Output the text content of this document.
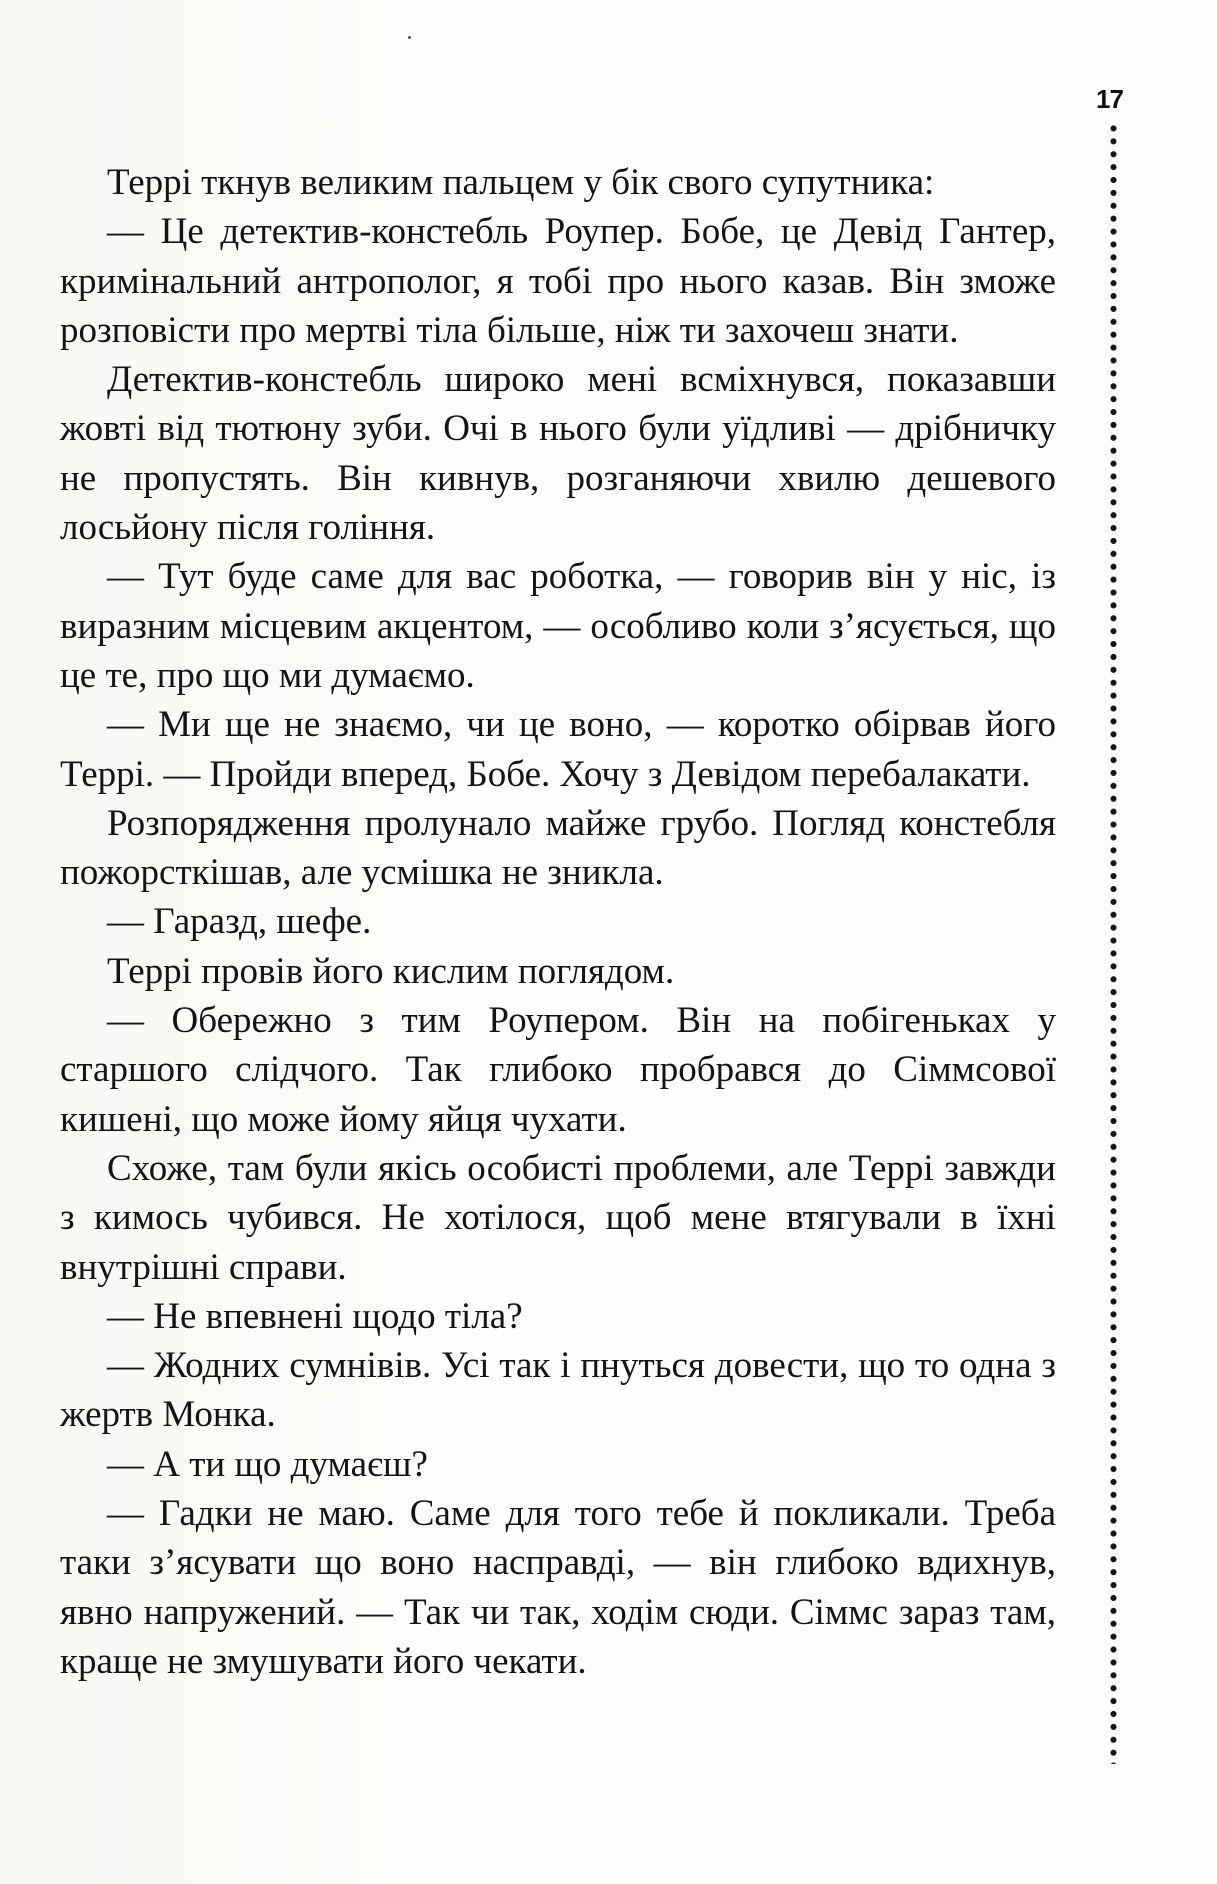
17

Террі ткнув великим пальцем у бік свого супутника:

— Це детектив-констебль Роупер. Бобе, це Девід Гантер, кримінальний антрополог, я тобі про нього казав. Він зможе розповісти про мертві тіла більше, ніж ти захочеш знати.

Детектив-констебль широко мені всміхнувся, показавши жовті від тютюну зуби. Очі в нього були уїдливі — дрібничку не пропустять. Він кивнув, розганяючи хвилю дешевого лосьйону після гоління.

— Тут буде саме для вас роботка, — говорив він у ніс, із виразним місцевим акцентом, — особливо коли з’ясується, що це те, про що ми думаємо.

— Ми ще не знаємо, чи це воно, — коротко обірвав його Террі. — Пройди вперед, Бобе. Хочу з Девідом перебалакати.

Розпорядження пролунало майже грубо. Погляд констебля пожорсткішав, але усмішка не зникла.

— Гаразд, шефе.

Террі провів його кислим поглядом.

— Обережно з тим Роупером. Він на побігеньках у старшого слідчого. Так глибоко пробрався до Сіммсової кишені, що може йому яйця чухати.

Схоже, там були якісь особисті проблеми, але Террі завжди з кимось чубився. Не хотілося, щоб мене втягували в їхні внутрішні справи.

— Не впевнені щодо тіла?

— Жодних сумнівів. Усі так і пнуться довести, що то одна з жертв Монка.

— А ти що думаєш?

— Гадки не маю. Саме для того тебе й покликали. Треба таки з’ясувати що воно насправді, — він глибоко вдихнув, явно напружений. — Так чи так, ходім сюди. Сіммс зараз там, краще не змушувати його чекати.
